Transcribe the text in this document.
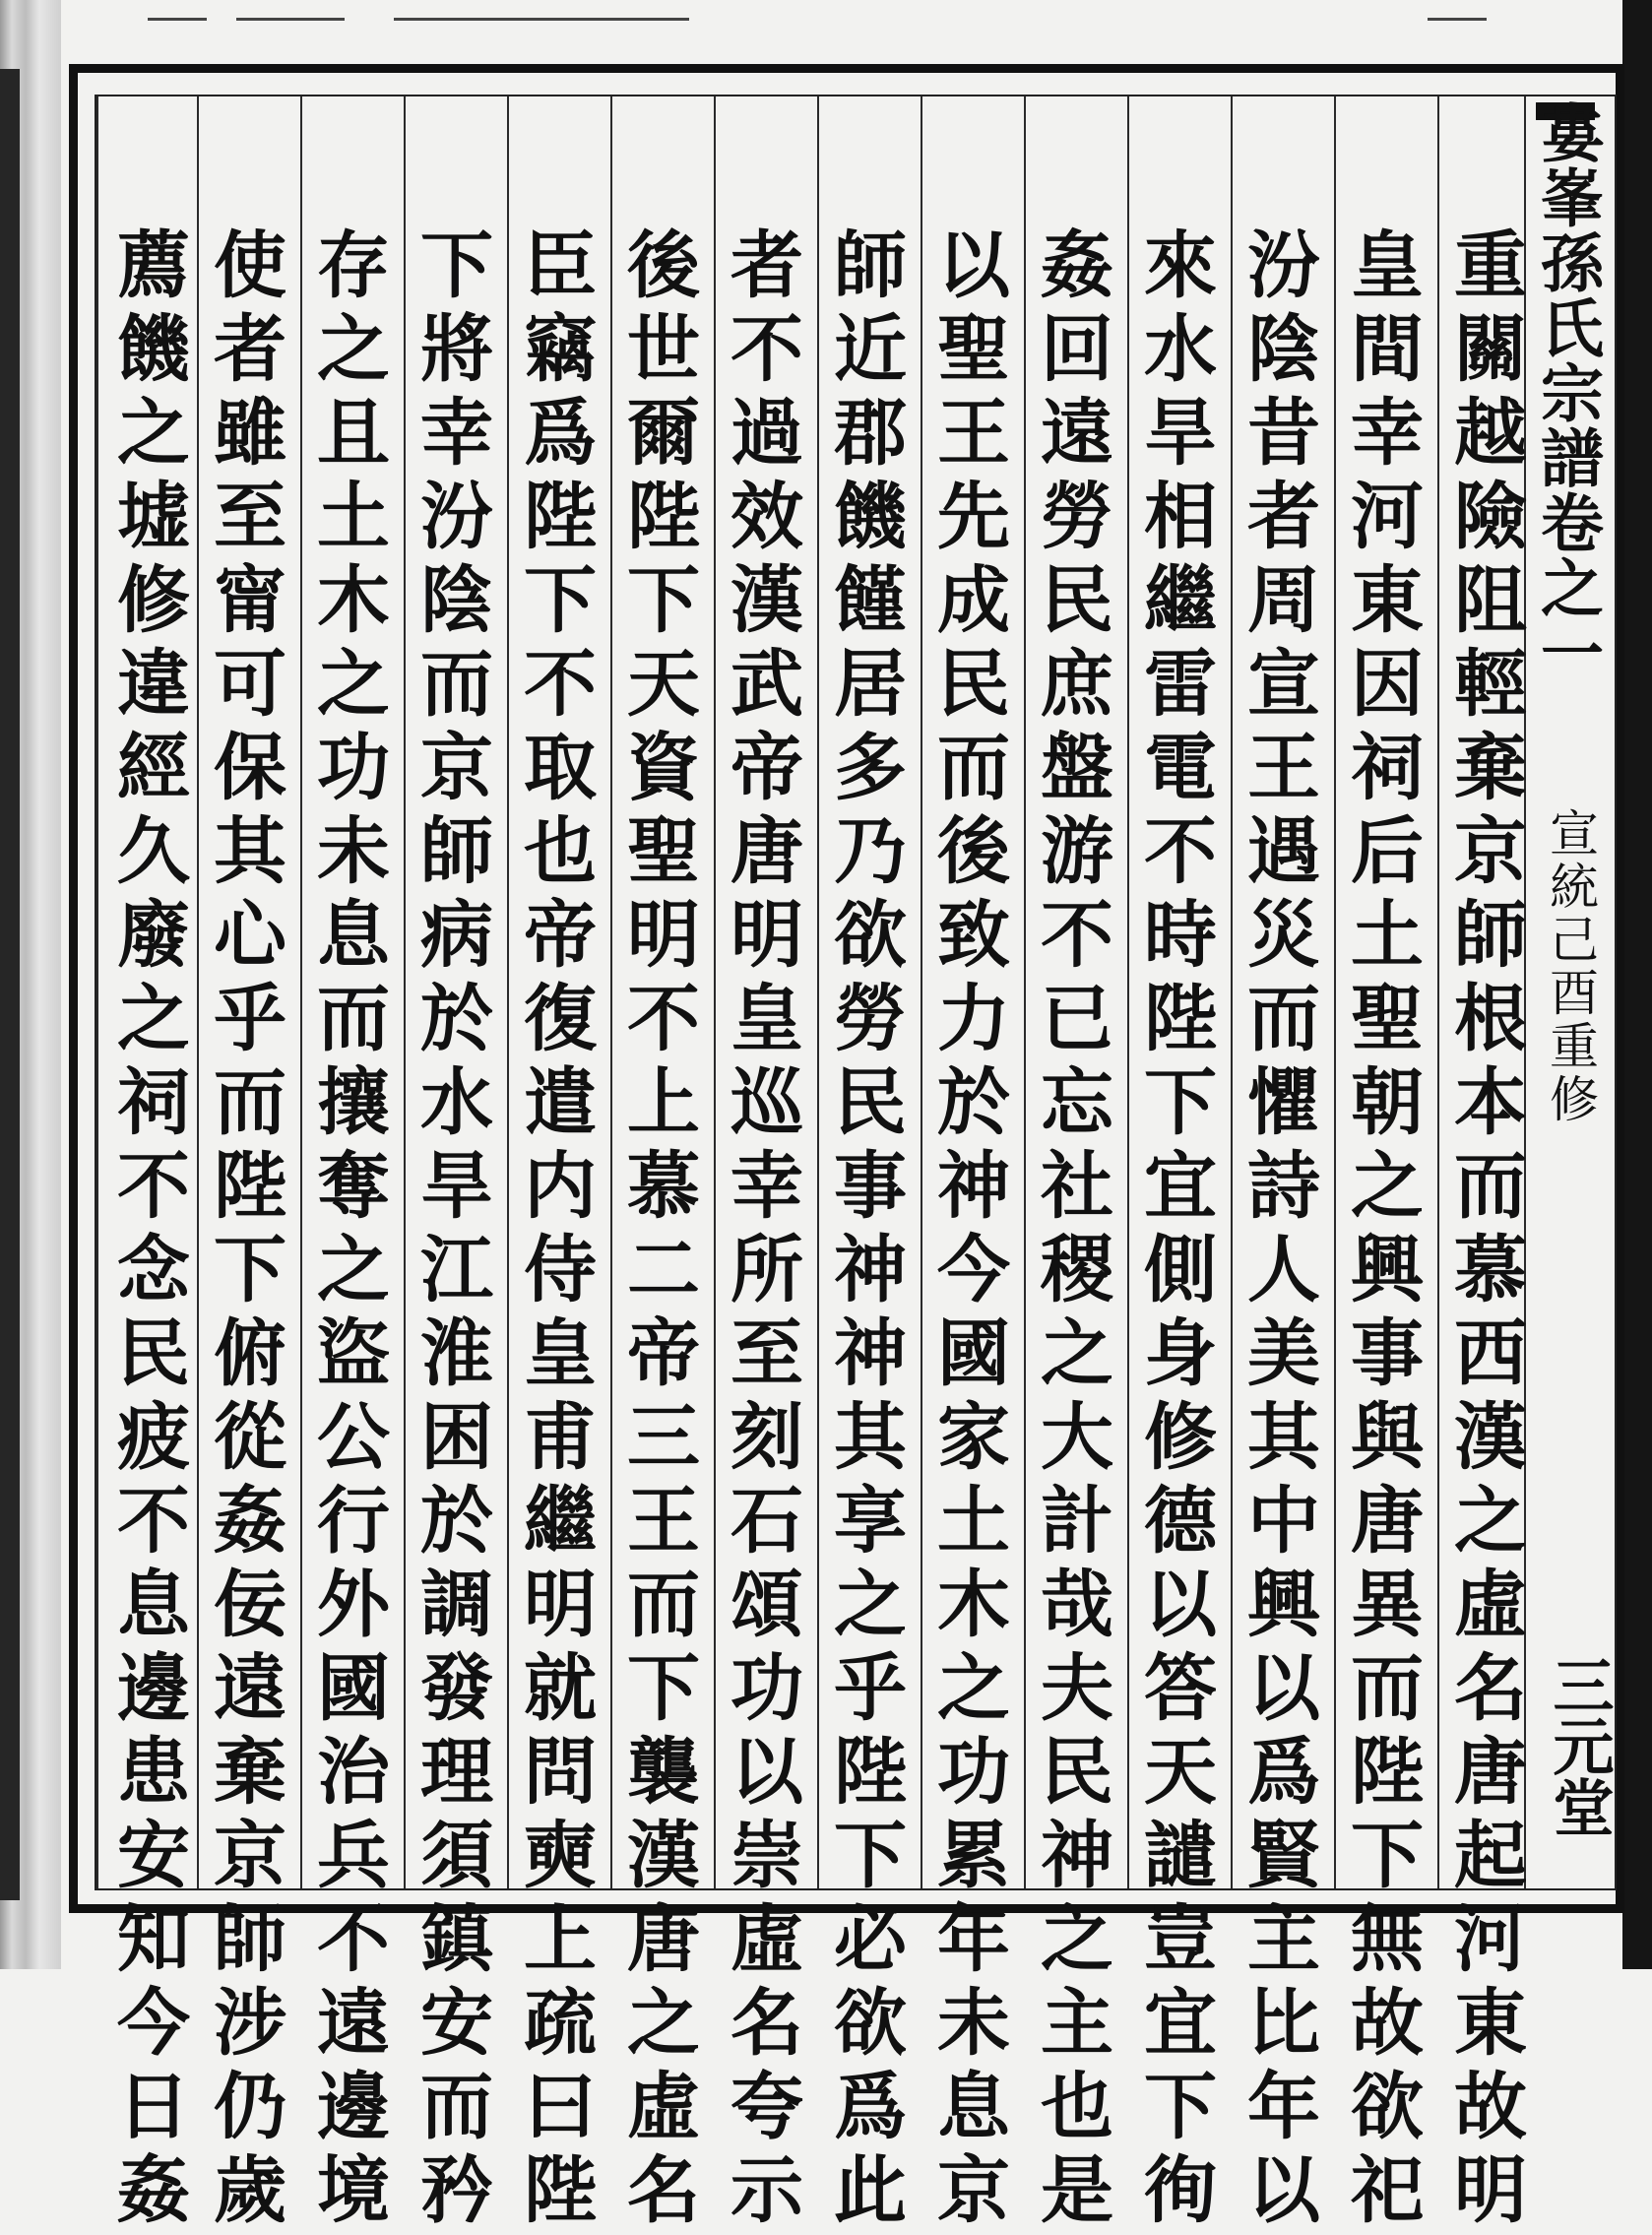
婁峯孫氏宗譜卷之一
宣統己酉重修
三元堂
重關越險阻輕棄京師根本而慕西漢之虛名唐起河東故明
皇間幸河東因祠后土聖朝之興事與唐異而陛下無故欲祀
汾陰昔者周宣王遇災而懼詩人美其中興以爲賢主比年以
來水旱相繼雷電不時陛下宜側身修德以答天譴豈宜下徇
姦回遠勞民庶盤游不已忘社稷之大計哉夫民神之主也是
以聖王先成民而後致力於神今國家土木之功累年未息京
師近郡饑饉居多乃欲勞民事神神其享之乎陛下必欲爲此
者不過效漢武帝唐明皇巡幸所至刻石頌功以崇虛名夸示
後世爾陛下天資聖明不上慕二帝三王而下襲漢唐之虛名
臣竊爲陛下不取也帝復遣内侍皇甫繼明就問奭上疏曰陛
下將幸汾陰而京師病於水旱江淮困於調發理須鎮安而矜
存之且土木之功未息而攘奪之盜公行外國治兵不遠邊境
使者雖至甯可保其心乎而陛下俯從姦佞遠棄京師涉仍歲
薦饑之墟修違經久廢之祠不念民疲不息邊患安知今日姦
